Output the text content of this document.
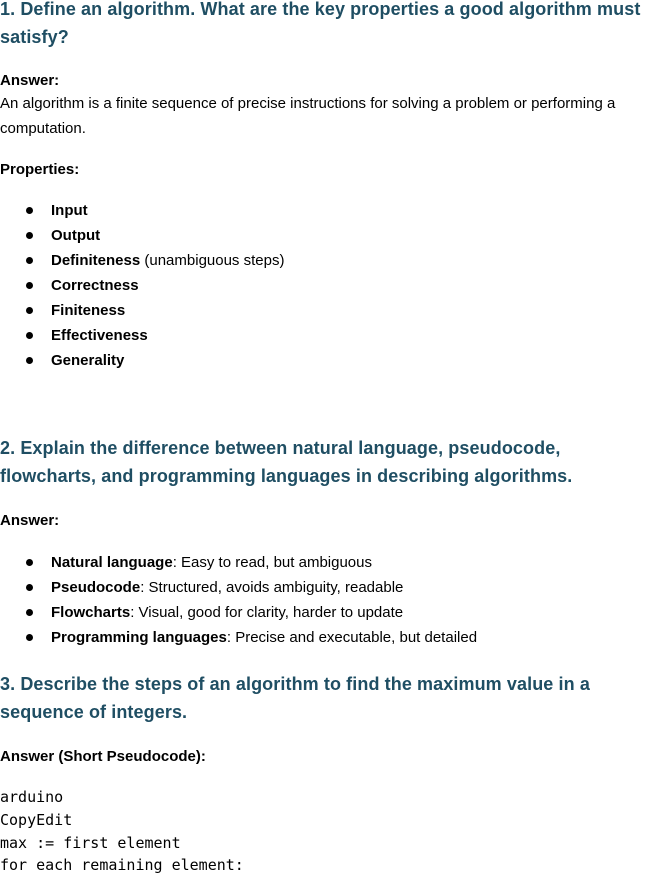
1. Define an algorithm. What are the key properties a good algorithm must satisfy?

Answer:

An algorithm is a finite sequence of precise instructions for solving a problem or performing a computation.

Properties:

Input
Output
Definiteness (unambiguous steps)
Correctness
Finiteness
Effectiveness
Generality
2. Explain the difference between natural language, pseudocode, flowcharts, and programming languages in describing algorithms.

Answer:

Natural language: Easy to read, but ambiguous
Pseudocode: Structured, avoids ambiguity, readable
Flowcharts: Visual, good for clarity, harder to update
Programming languages: Precise and executable, but detailed
3. Describe the steps of an algorithm to find the maximum value in a sequence of integers.

Answer (Short Pseudocode):

arduino
CopyEdit
max := first element
for each remaining element:
